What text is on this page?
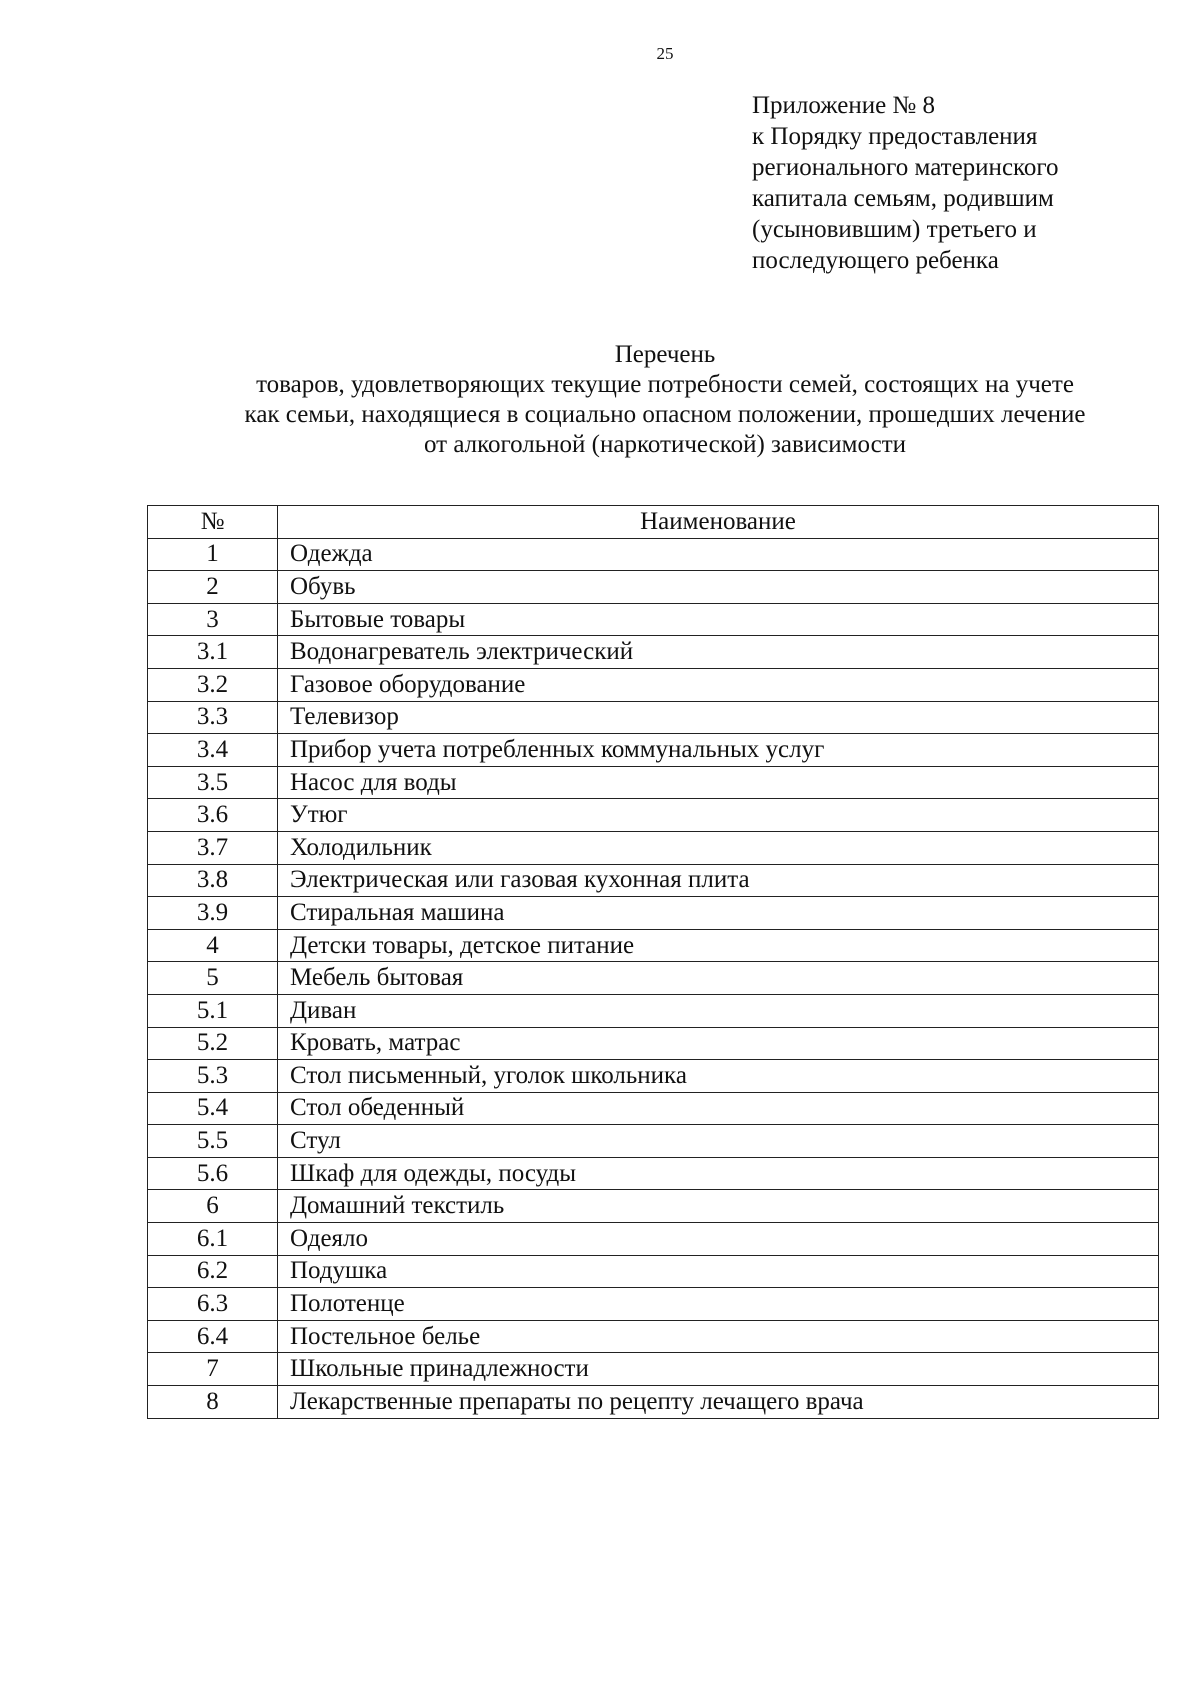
25
Приложение № 8
к Порядку предоставления
регионального материнского
капитала семьям, родившим
(усыновившим) третьего и
последующего ребенка
Перечень
товаров, удовлетворяющих текущие потребности семей, состоящих на учете
как семьи, находящиеся в социально опасном положении, прошедших лечение
от алкогольной (наркотической) зависимости
№	Наименование
1	Одежда
2	Обувь
3	Бытовые товары
3.1	Водонагреватель электрический
3.2	Газовое оборудование
3.3	Телевизор
3.4	Прибор учета потребленных коммунальных услуг
3.5	Насос для воды
3.6	Утюг
3.7	Холодильник
3.8	Электрическая или газовая кухонная плита
3.9	Стиральная машина
4	Детски товары, детское питание
5	Мебель бытовая
5.1	Диван
5.2	Кровать, матрас
5.3	Стол письменный, уголок школьника
5.4	Стол обеденный
5.5	Стул
5.6	Шкаф для одежды, посуды
6	Домашний текстиль
6.1	Одеяло
6.2	Подушка
6.3	Полотенце
6.4	Постельное белье
7	Школьные принадлежности
8	Лекарственные препараты по рецепту лечащего врача
